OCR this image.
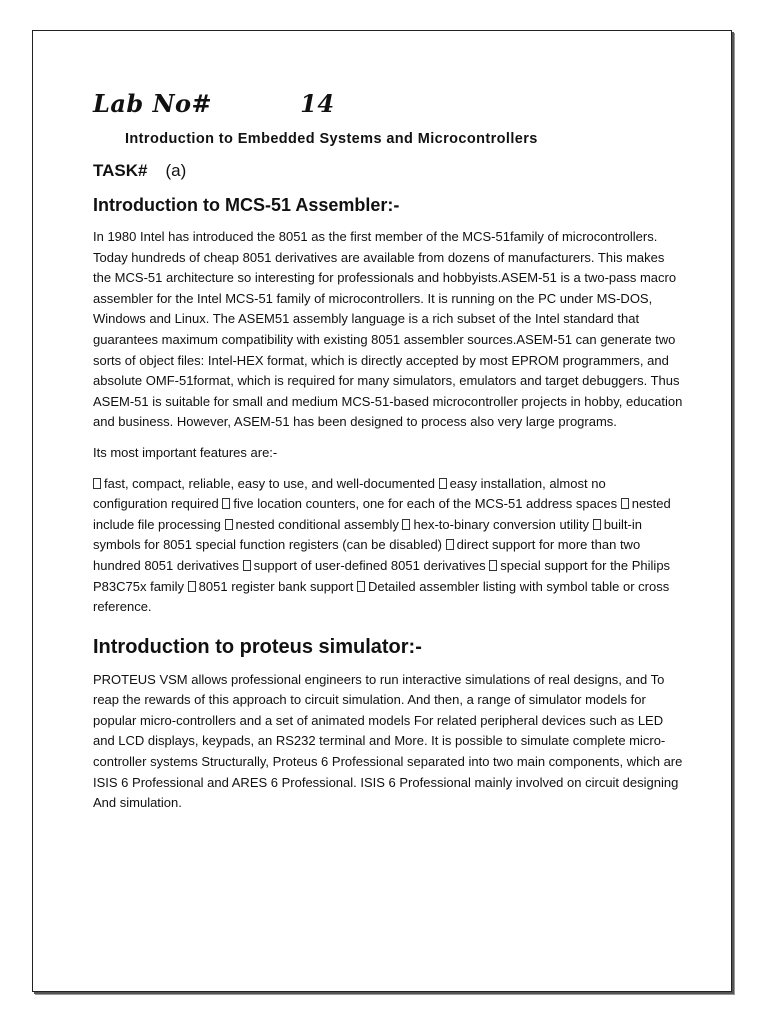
Lab No#	14
Introduction to Embedded Systems and Microcontrollers
TASK# (a)
Introduction to MCS-51 Assembler:-

In 1980 Intel has introduced the 8051 as the first member of the MCS-51family of microcontrollers. Today hundreds of cheap 8051 derivatives are available from dozens of manufacturers. This makes the MCS-51 architecture so interesting for professionals and hobbyists.ASEM-51 is a two-pass macro assembler for the Intel MCS-51 family of microcontrollers. It is running on the PC under MS-DOS, Windows and Linux. The ASEM51 assembly language is a rich subset of the Intel standard that guarantees maximum compatibility with existing 8051 assembler sources.ASEM-51 can generate two sorts of object files: Intel-HEX format, which is directly accepted by most EPROM programmers, and absolute OMF-51format, which is required for many simulators, emulators and target debuggers. Thus ASEM-51 is suitable for small and medium MCS-51-based microcontroller projects in hobby, education and business. However, ASEM-51 has been designed to process also very large programs.

Its most important features are:-

fast, compact, reliable, easy to use, and well-documented easy installation, almost no configuration required five location counters, one for each of the MCS-51 address spaces nested include file processing nested conditional assembly hex-to-binary conversion utility built-in symbols for 8051 special function registers (can be disabled) direct support for more than two hundred 8051 derivatives support of user-defined 8051 derivatives special support for the Philips P83C75x family 8051 register bank support Detailed assembler listing with symbol table or cross reference.
Introduction to proteus simulator:-

PROTEUS VSM allows professional engineers to run interactive simulations of real designs, and To reap the rewards of this approach to circuit simulation. And then, a range of simulator models for popular micro-controllers and a set of animated models For related peripheral devices such as LED and LCD displays, keypads, an RS232 terminal and More. It is possible to simulate complete micro-controller systems Structurally, Proteus 6 Professional separated into two main components, which are ISIS 6 Professional and ARES 6 Professional. ISIS 6 Professional mainly involved on circuit designing And simulation.
